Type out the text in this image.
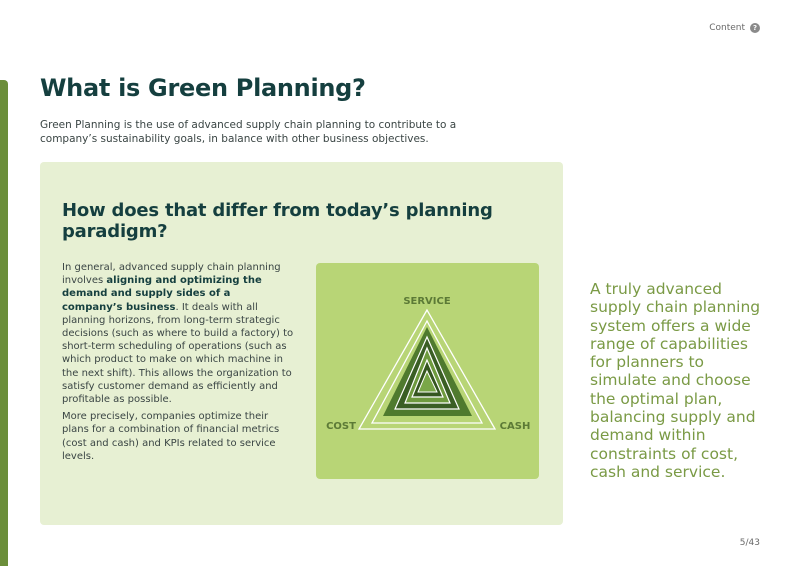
Content	?
What is Green Planning?

Green Planning is the use of advanced supply chain planning to contribute to a company’s sustainability goals, in balance with other business objectives.

How does that differ from today’s planning paradigm?

In general, advanced supply chain planning involves aligning and optimizing the demand and supply sides of a company’s business. It deals with all planning horizons, from long-term strategic decisions (such as where to build a factory) to short-term scheduling of operations (such as which product to make on which machine in the next shift). This allows the organization to satisfy customer demand as efficiently and profitable as possible.

More precisely, companies optimize their plans for a combination of financial metrics (cost and cash) and KPIs related to service levels.

SERVICE
COST	CASH

A truly advanced supply chain planning system offers a wide range of capabilities for planners to simulate and choose the optimal plan, balancing supply and demand within constraints of cost, cash and service.

5/43
